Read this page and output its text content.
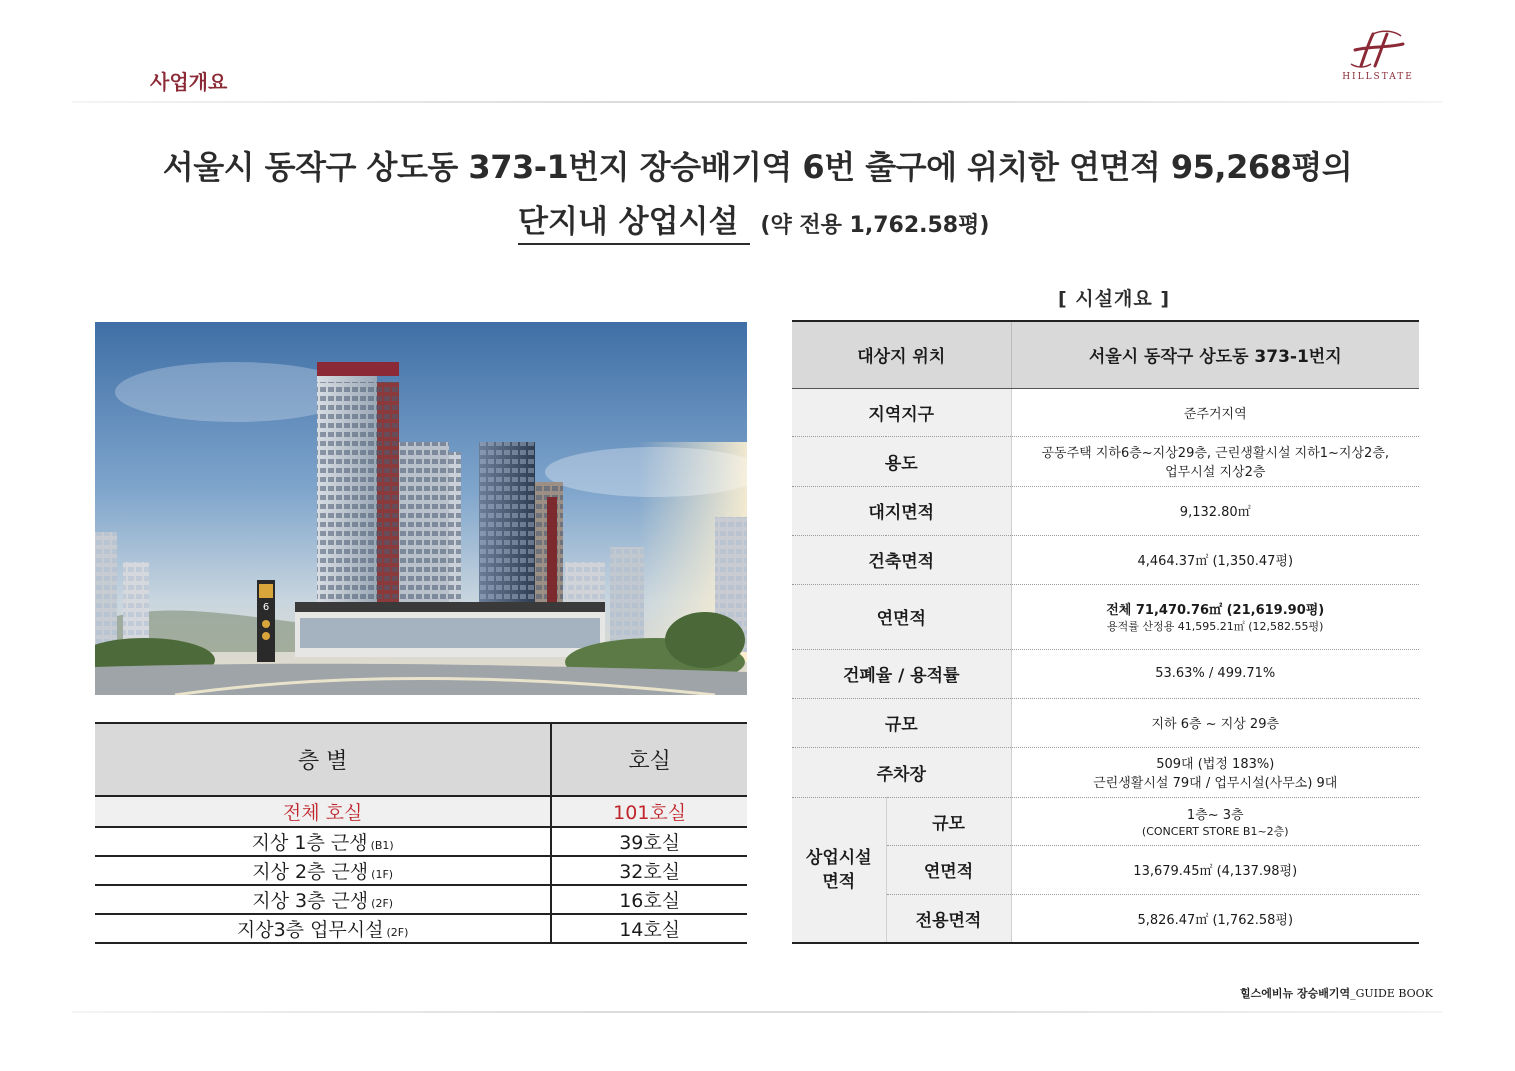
사업개요	HILLSTATE
서울시 동작구 상도동 373-1번지 장승배기역 6번 출구에 위치한 연면적 95,268평의
단지내 상업시설 (약 전용 1,762.58평)
[ 시설개요 ]
6
층 별	호실
전체 호실	101호실
지상 1층 근생 (B1)	39호실
지상 2층 근생 (1F)	32호실
지상 3층 근생 (2F)	16호실
지상3층 업무시설 (2F)	14호실
대상지 위치		서울시 동작구 상도동 373-1번지
지역지구		준주거지역
용도		공동주택 지하6층~지상29층, 근린생활시설 지하1~지상2층,
업무시설 지상2층

대지면적		9,132.80㎡
건축면적		4,464.37㎡ (1,350.47평)
연면적		전체 71,470.76㎡ (21,619.90평)
용적률 산정용 41,595.21㎡ (12,582.55평)

건폐율 / 용적률		53.63% / 499.71%
규모		지하 6층 ~ 지상 29층
주차장		509대 (법정 183%)
근린생활시설 79대 / 업무시설(사무소) 9대

상업시설 면적	규모	1층~ 3층
(CONCERT STORE B1~2층)

	연면적	13,679.45㎡ (4,137.98평)
	전용면적	5,826.47㎡ (1,762.58평)
힐스에비뉴 장승배기역_GUIDE BOOK
